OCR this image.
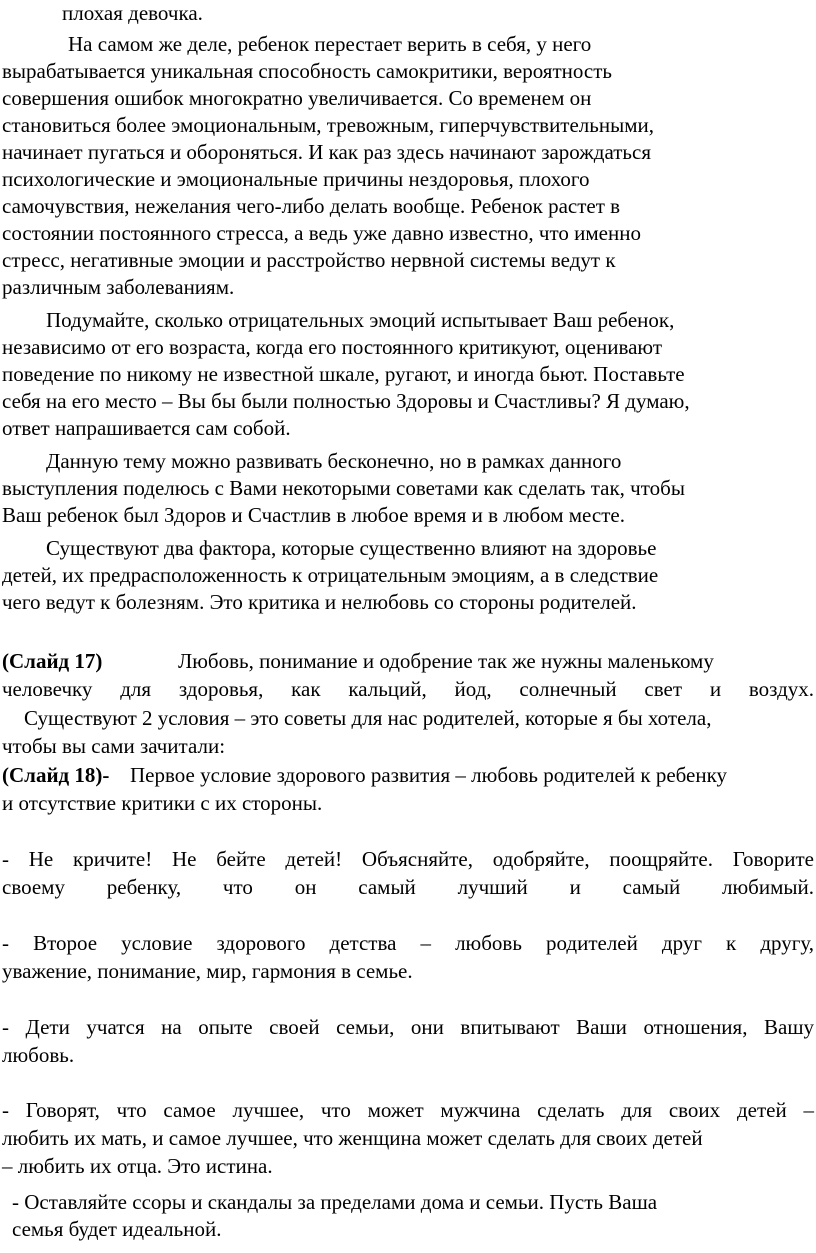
плохая девочка.
На самом же деле, ребенок перестает верить в себя, у него
вырабатывается уникальная способность самокритики, вероятность
совершения ошибок многократно увеличивается. Со временем он
становиться более эмоциональным, тревожным, гиперчувствительными,
начинает пугаться и обороняться. И как раз здесь начинают зарождаться
психологические и эмоциональные причины нездоровья, плохого
самочувствия, нежелания чего-либо делать вообще. Ребенок растет в
состоянии постоянного стресса, а ведь уже давно известно, что именно
стресс, негативные эмоции и расстройство нервной системы ведут к
различным заболеваниям.
Подумайте, сколько отрицательных эмоций испытывает Ваш ребенок,
независимо от его возраста, когда его постоянного критикуют, оценивают
поведение по никому не известной шкале, ругают, и иногда бьют. Поставьте
себя на его место – Вы бы были полностью Здоровы и Счастливы? Я думаю,
ответ напрашивается сам собой.
Данную тему можно развивать бесконечно, но в рамках данного
выступления поделюсь с Вами некоторыми советами как сделать так, чтобы
Ваш ребенок был Здоров и Счастлив в любое время и в любом месте.
Существуют два фактора, которые существенно влияют на здоровье
детей, их предрасположенность к отрицательным эмоциям, а в следствие
чего ведут к болезням. Это критика и нелюбовь со стороны родителей.
(Слайд 17)	Любовь, понимание и одобрение так же нужны маленькому
человечку для здоровья, как кальций, йод, солнечный свет и воздух.
Существуют 2 условия – это советы для нас родителей, которые я бы хотела,
чтобы вы сами зачитали:
(Слайд 18)- Первое условие здорового развития – любовь родителей к ребенку
и отсутствие критики с их стороны.
- Не кричите! Не бейте детей! Объясняйте, одобряйте, поощряйте. Говорите
своему ребенку, что он самый лучший и самый любимый.
- Второе условие здорового детства – любовь родителей друг к другу,
уважение, понимание, мир, гармония в семье.
- Дети учатся на опыте своей семьи, они впитывают Ваши отношения, Вашу
любовь.
- Говорят, что самое лучшее, что может мужчина сделать для своих детей –
любить их мать, и самое лучшее, что женщина может сделать для своих детей
– любить их отца. Это истина.
- Оставляйте ссоры и скандалы за пределами дома и семьи. Пусть Ваша
семья будет идеальной.
